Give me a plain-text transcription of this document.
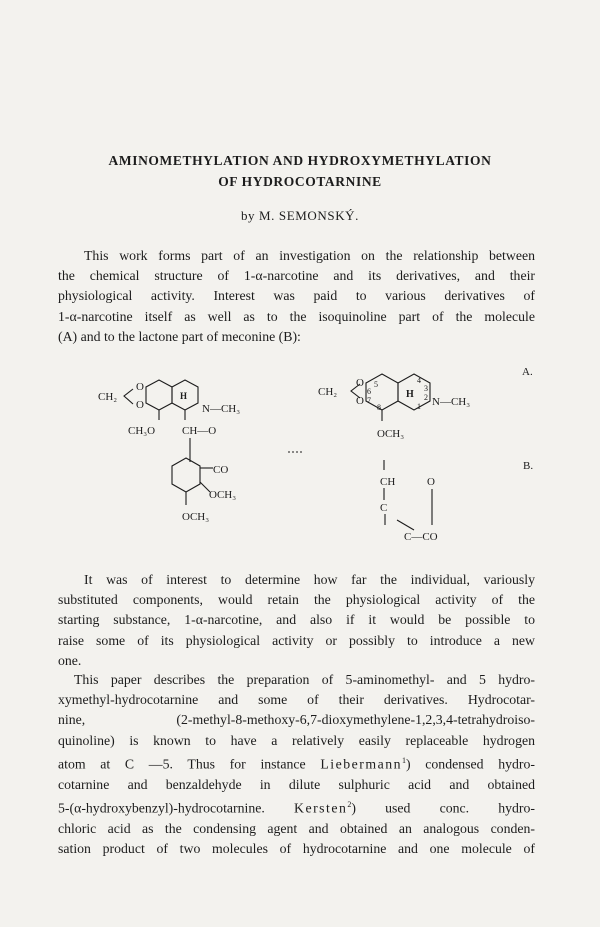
AMINOMETHYLATION AND HYDROXYMETHYLATION
OF HYDROCOTARNINE
by M. SEMONSKÝ.
This work forms part of an investigation on the relationship between
the chemical structure of 1-α-narcotine and its derivatives, and their
physiological activity. Interest was paid to various derivatives of
1-α-narcotine itself as well as to the isoquinoline part of the molecule
(A) and to the lactone part of meconine (B):
CH₂
O
O
H
N—CH₃
CH₃O CH—O
CO
OCH₃
OCH₃
CH₂
O
O
5
6
7
8
4
3
2
1
H
N—CH₃
OCH₃
A.
CH	O
C
C—CO
B.
It was of interest to determine how far the individual, variously
substituted components, would retain the physiological activity of the
starting substance, 1-α-narcotine, and also if it would be possible to
raise some of its physiological activity or possibly to introduce a new
one.
This paper describes the preparation of 5-aminomethyl- and 5 hydro-
xymethyl-hydrocotarnine and some of their derivatives. Hydrocotar-
nine, (2-methyl-8-methoxy-6,7-dioxymethylene-1,2,3,4-tetrahydroiso-
quinoline) is known to have a relatively easily replaceable hydrogen
atom at C —5. Thus for instance Liebermann$^1$) condensed hydro-
cotarnine and benzaldehyde in dilute sulphuric acid and obtained
5-(α-hydroxybenzyl)-hydrocotarnine. Kersten$^2$) used conc. hydro-
chloric acid as the condensing agent and obtained an analogous conden-
sation product of two molecules of hydrocotarnine and one molecule of
